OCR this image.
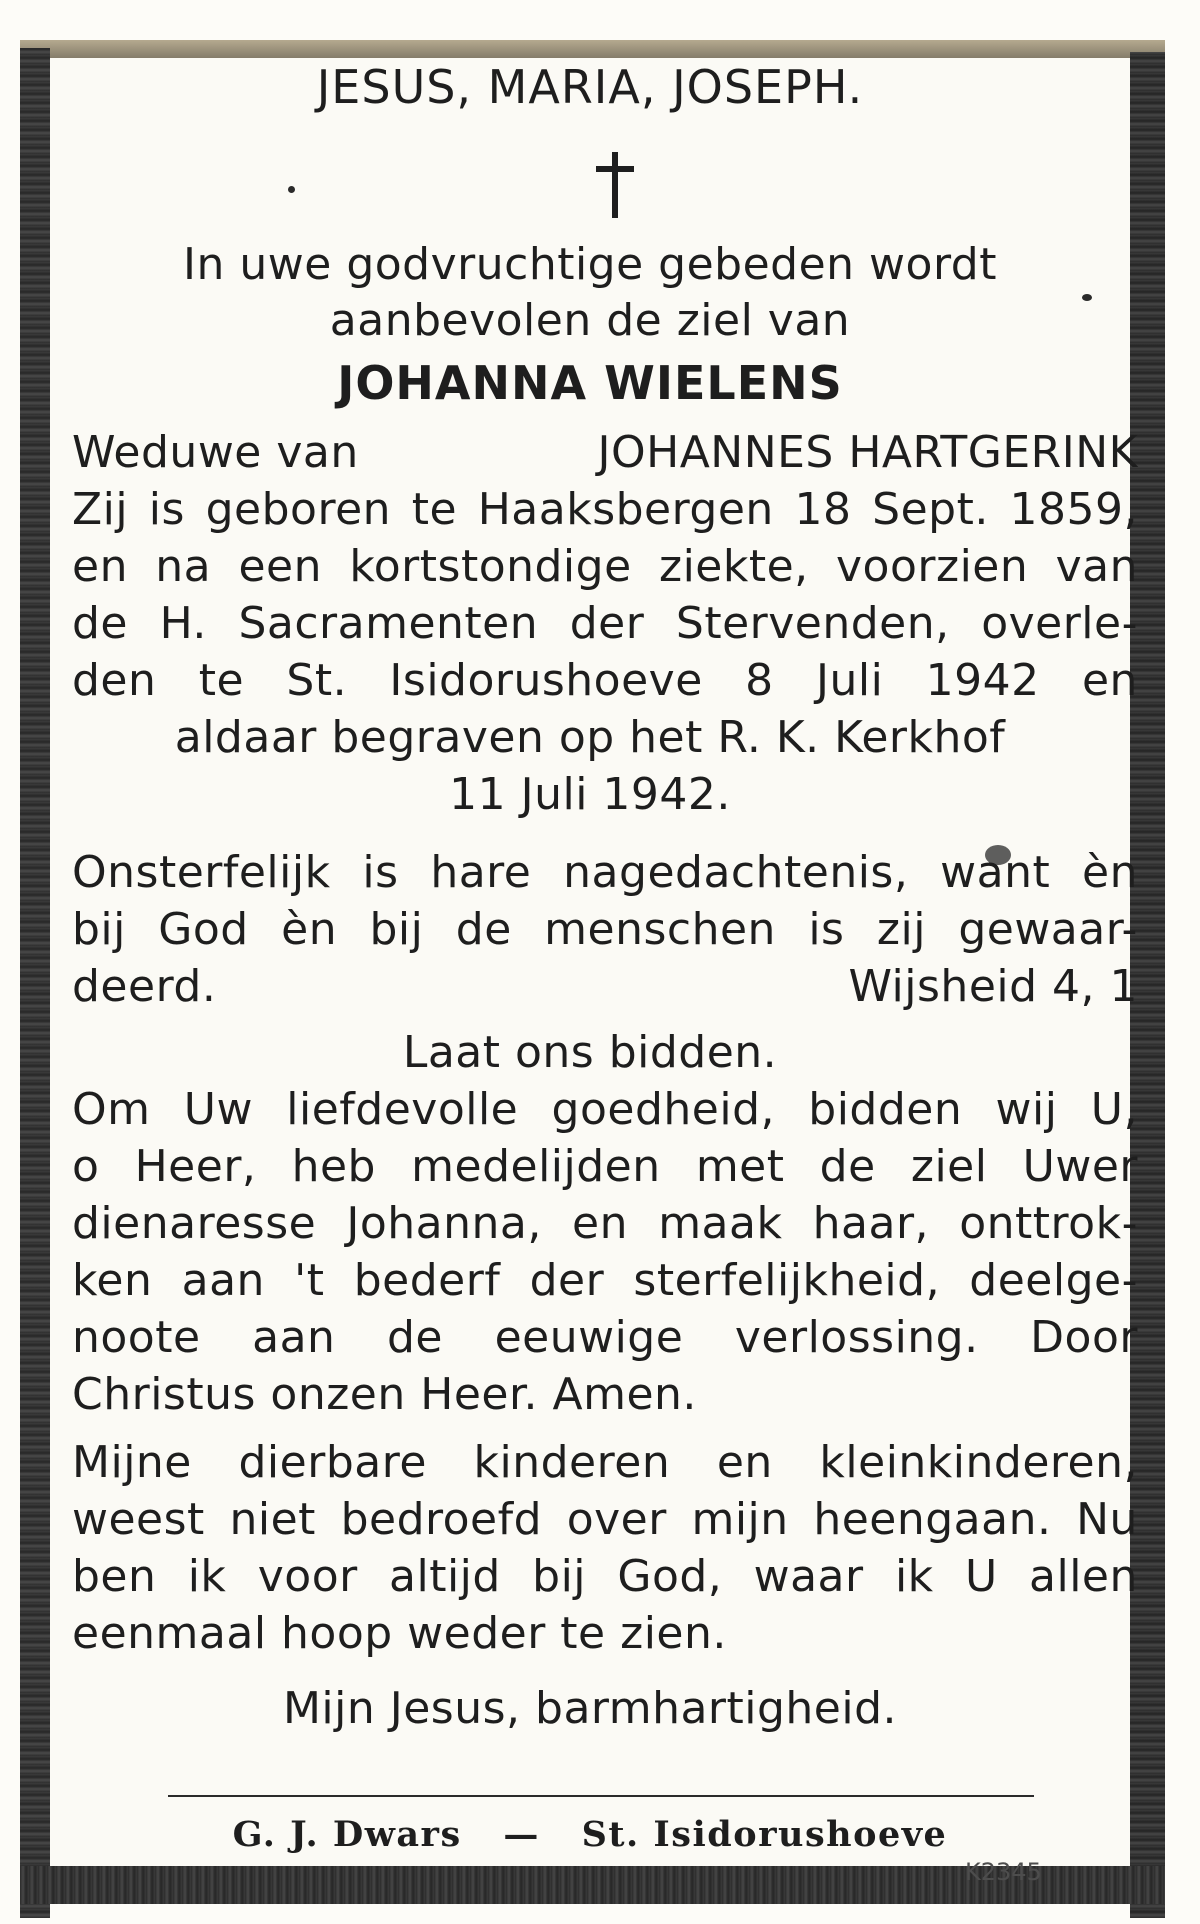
JESUS, MARIA, JOSEPH.
In uwe godvruchtige gebeden wordt
aanbevolen de ziel van
JOHANNA WIELENS
Weduwe van	JOHANNES HARTGERINK
Zij is geboren te Haaksbergen 18 Sept. 1859,
en na een kortstondige ziekte, voorzien van
de H. Sacramenten der Stervenden, overle-
den te St. Isidorushoeve 8 Juli 1942 en
aldaar begraven op het R. K. Kerkhof
11 Juli 1942.
Onsterfelijk is hare nagedachtenis, want èn
bij God èn bij de menschen is zij gewaar-
deerd.	Wijsheid 4, 1
Laat ons bidden.
Om Uw liefdevolle goedheid, bidden wij U,
o Heer, heb medelijden met de ziel Uwer
dienaresse Johanna, en maak haar, onttrok-
ken aan 't bederf der sterfelijkheid, deelge-
noote aan de eeuwige verlossing. Door
Christus onzen Heer. Amen.
Mijne dierbare kinderen en kleinkinderen,
weest niet bedroefd over mijn heengaan. Nu
ben ik voor altijd bij God, waar ik U allen
eenmaal hoop weder te zien.
Mijn Jesus, barmhartigheid.
G. J. Dwars — St. Isidorushoeve
K2345
